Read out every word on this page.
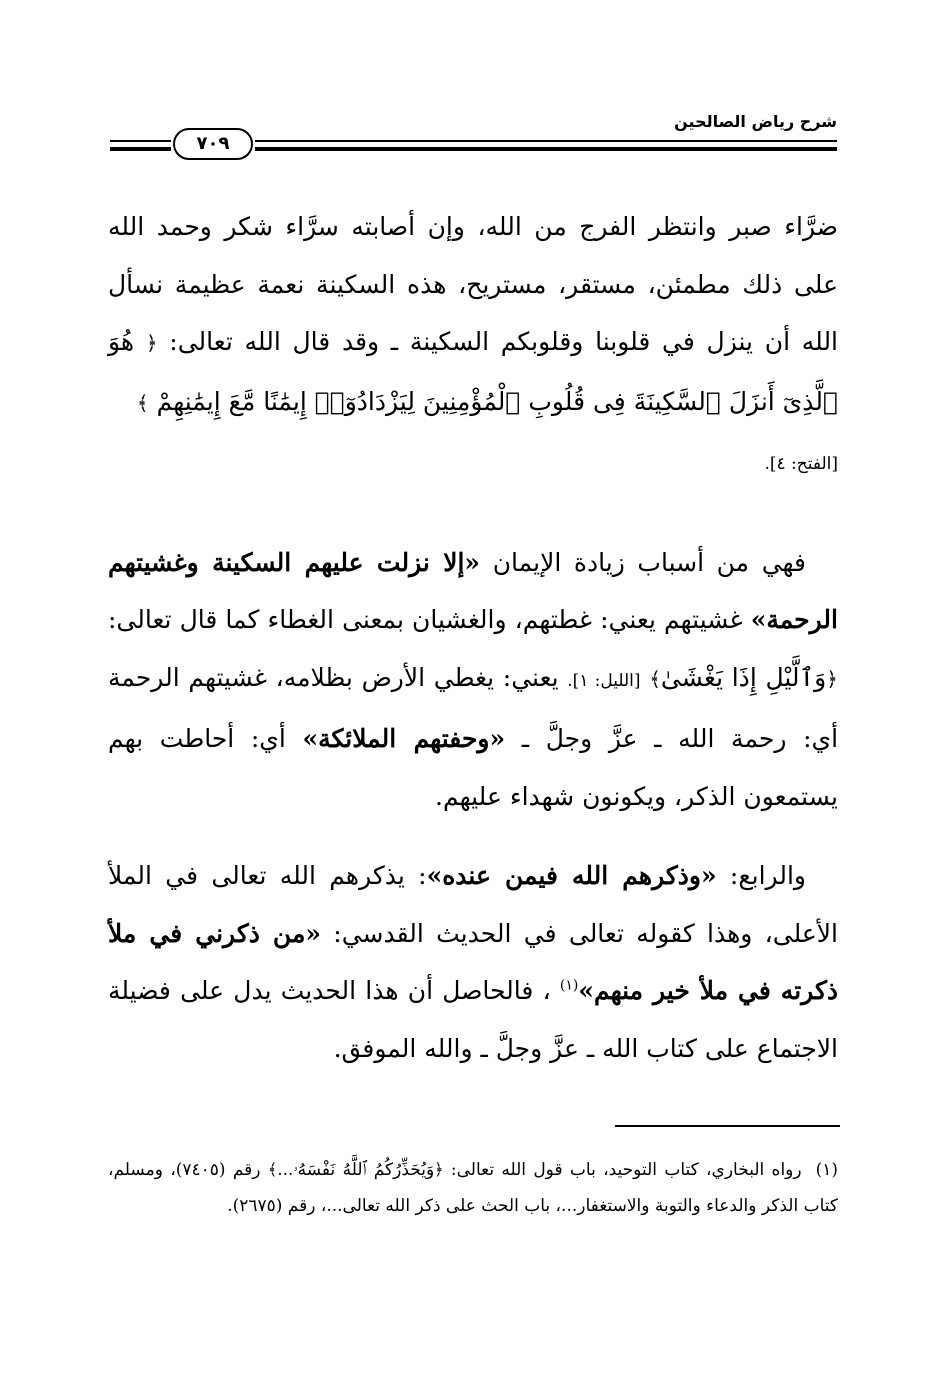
شرح رياض الصالحين
٧٠٩

ضرَّاء صبر وانتظر الفرج من الله، وإن أصابته سرَّاء شكر وحمد الله على ذلك مطمئن، مستقر، مستريح، هذه السكينة نعمة عظيمة نسأل الله أن ينزل في قلوبنا وقلوبكم السكينة ـ وقد قال الله تعالى: ﴿ هُوَ ٱلَّذِىٓ أَنزَلَ ٱلسَّكِينَةَ فِى قُلُوبِ ٱلْمُؤْمِنِينَ لِيَزْدَادُوٓا۟ إِيمَٰنًا مَّعَ إِيمَٰنِهِمْ ﴾
[الفتح: ٤].

فهي من أسباب زيادة الإيمان «إلا نزلت عليهم السكينة وغشيتهم الرحمة» غشيتهم يعني: غطتهم، والغشيان بمعنى الغطاء كما قال تعالى: ﴿وَٱلَّيْلِ إِذَا يَغْشَىٰ﴾ [الليل: ١]. يعني: يغطي الأرض بظلامه، غشيتهم الرحمة أي: رحمة الله ـ عزَّ وجلَّ ـ «وحفتهم الملائكة» أي: أحاطت بهم يستمعون الذكر، ويكونون شهداء عليهم.

والرابع: «وذكرهم الله فيمن عنده»: يذكرهم الله تعالى في الملأ الأعلى، وهذا كقوله تعالى في الحديث القدسي: «من ذكرني في ملأ ذكرته في ملأ خير منهم»$^{(١)}$ ، فالحاصل أن هذا الحديث يدل على فضيلة الاجتماع على كتاب الله ـ عزَّ وجلَّ ـ والله الموفق.

(١)رواه البخاري، كتاب التوحيد، باب قول الله تعالى: ﴿وَيُحَذِّرُكُمُ ٱللَّهُ نَفْسَهُۥ...﴾ رقم (٧٤٠٥)، ومسلم، كتاب الذكر والدعاء والتوبة والاستغفار...، باب الحث على ذكر الله تعالى...، رقم (٢٦٧٥).
